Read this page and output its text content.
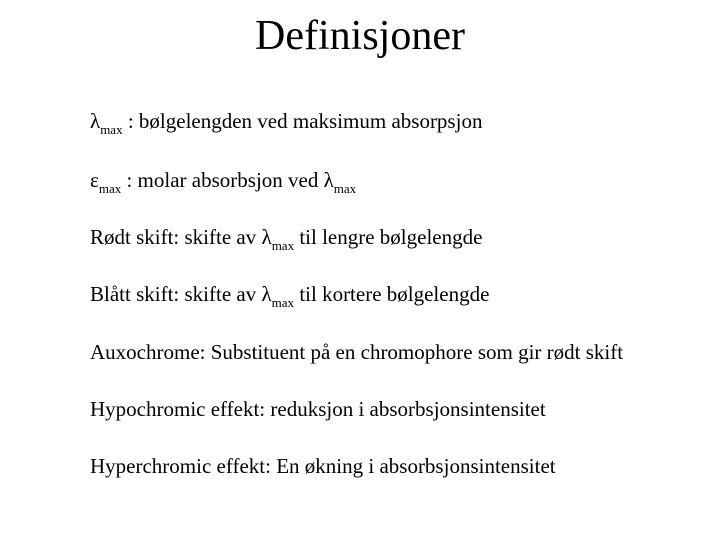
Definisjoner
$\lambda_{max}$ : bølgelengden ved maksimum absorpsjon
$\varepsilon_{max}$ : molar absorbsjon ved $\lambda_{max}$
Rødt skift: skifte av $\lambda_{max}$ til lengre bølgelengde
Blått skift: skifte av $\lambda_{max}$ til kortere bølgelengde
Auxochrome: Substituent på en chromophore som gir rødt skift
Hypochromic effekt: reduksjon i absorbsjonsintensitet
Hyperchromic effekt: En økning i absorbsjonsintensitet
